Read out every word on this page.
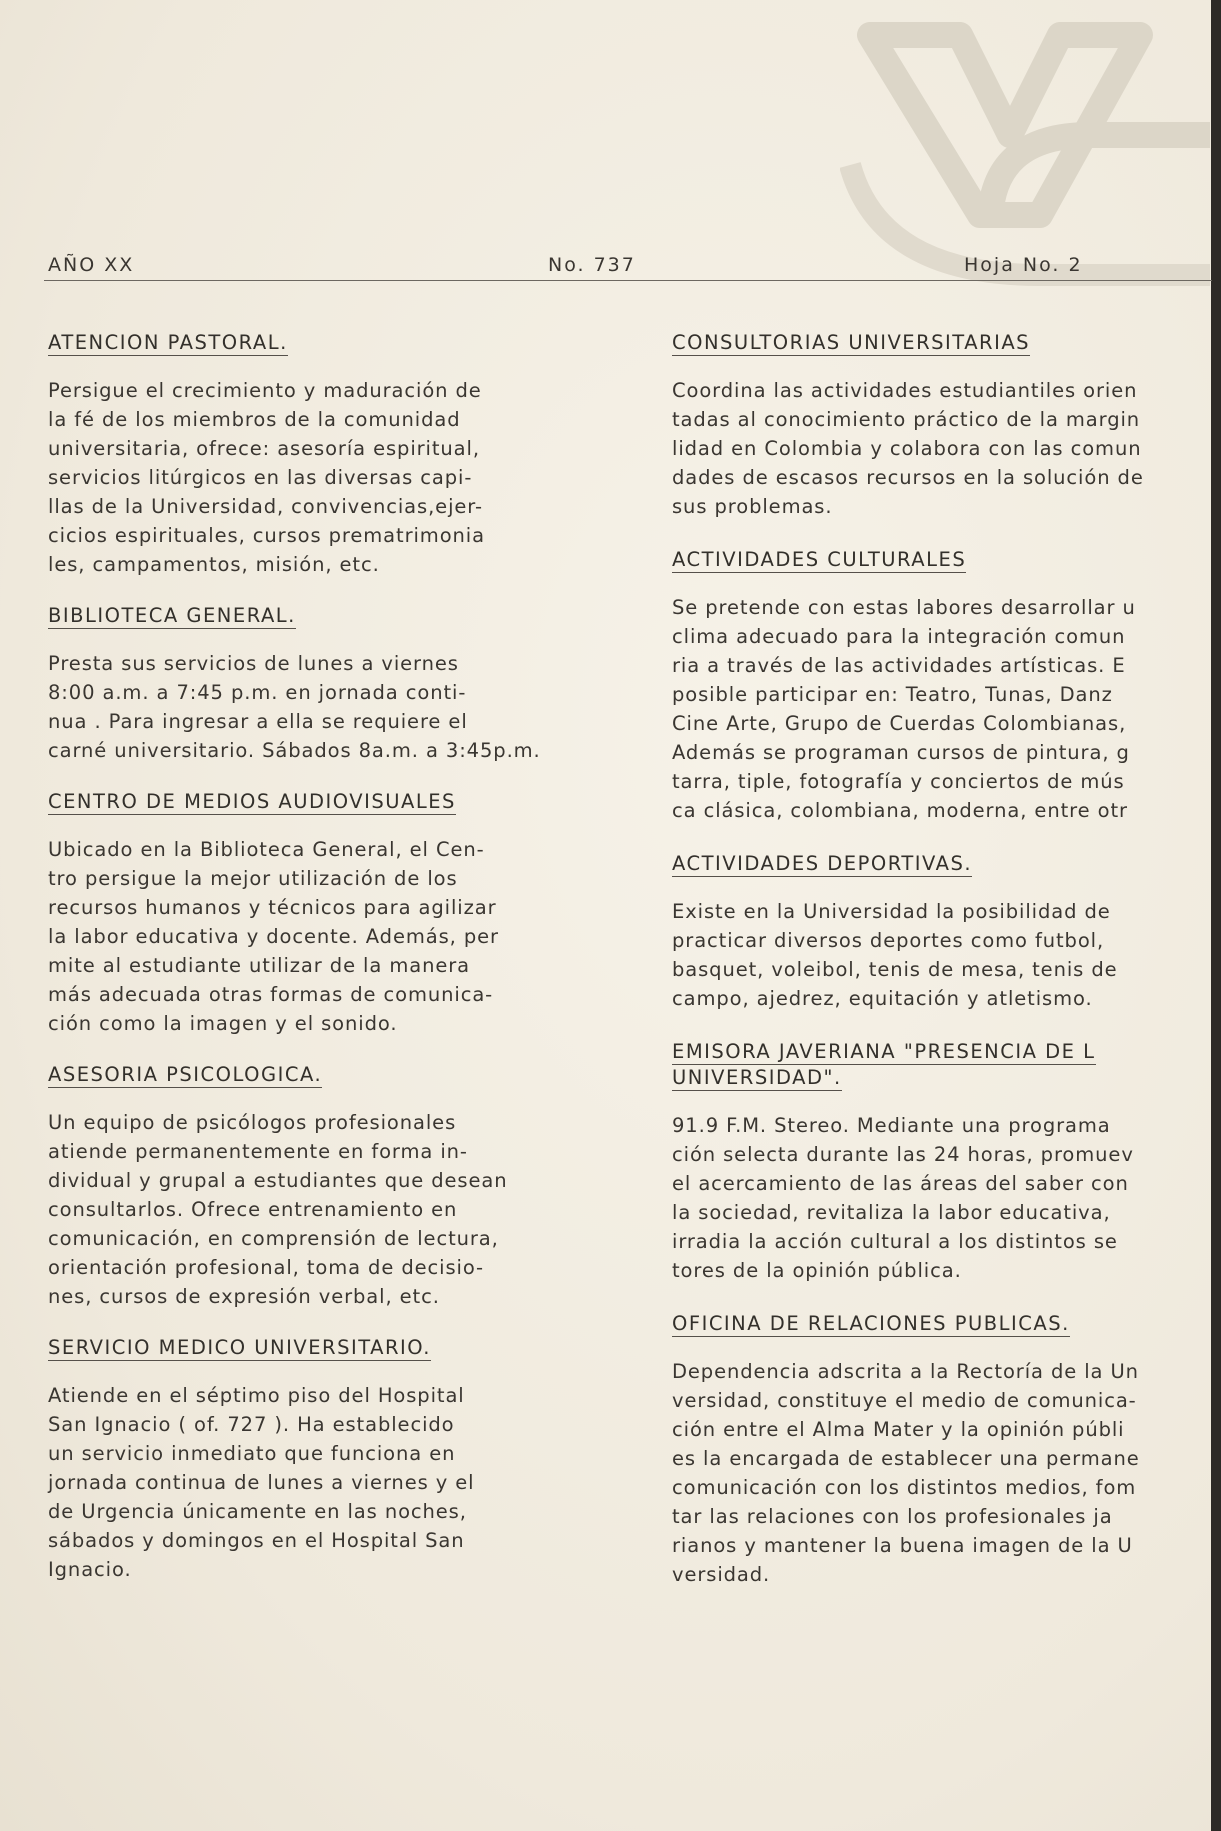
AÑO XX	No. 737	Hoja No. 2
ATENCION PASTORAL.

Persigue el crecimiento y maduración de
la fé de los miembros de la comunidad
universitaria, ofrece: asesoría espiritual,
servicios litúrgicos en las diversas capi-
llas de la Universidad, convivencias,ejer-
cicios espirituales, cursos prematrimonia
les, campamentos, misión, etc.

BIBLIOTECA GENERAL.

Presta sus servicios de lunes a viernes
8:00 a.m. a 7:45 p.m. en jornada conti-
nua . Para ingresar a ella se requiere el
carné universitario. Sábados 8a.m. a 3:45p.m.

CENTRO DE MEDIOS AUDIOVISUALES

Ubicado en la Biblioteca General, el Cen-
tro persigue la mejor utilización de los
recursos humanos y técnicos para agilizar
la labor educativa y docente. Además, per
mite al estudiante utilizar de la manera
más adecuada otras formas de comunica-
ción como la imagen y el sonido.

ASESORIA PSICOLOGICA.

Un equipo de psicólogos profesionales
atiende permanentemente en forma in-
dividual y grupal a estudiantes que desean
consultarlos. Ofrece entrenamiento en
comunicación, en comprensión de lectura,
orientación profesional, toma de decisio-
nes, cursos de expresión verbal, etc.

SERVICIO MEDICO UNIVERSITARIO.

Atiende en el séptimo piso del Hospital
San Ignacio ( of. 727 ). Ha establecido
un servicio inmediato que funciona en
jornada continua de lunes a viernes y el
de Urgencia únicamente en las noches,
sábados y domingos en el Hospital San
Ignacio.

CONSULTORIAS UNIVERSITARIAS

Coordina las actividades estudiantiles orien
tadas al conocimiento práctico de la margin
lidad en Colombia y colabora con las comun
dades de escasos recursos en la solución de
sus problemas.

ACTIVIDADES CULTURALES

Se pretende con estas labores desarrollar u
clima adecuado para la integración comun
ria a través de las actividades artísticas. E
posible participar en: Teatro, Tunas, Danz
Cine Arte, Grupo de Cuerdas Colombianas,
Además se programan cursos de pintura, g
tarra, tiple, fotografía y conciertos de mús
ca clásica, colombiana, moderna, entre otr

ACTIVIDADES DEPORTIVAS.

Existe en la Universidad la posibilidad de
practicar diversos deportes como futbol,
basquet, voleibol, tenis de mesa, tenis de
campo, ajedrez, equitación y atletismo.

EMISORA JAVERIANA "PRESENCIA DE L
UNIVERSIDAD".

91.9 F.M. Stereo. Mediante una programa
ción selecta durante las 24 horas, promuev
el acercamiento de las áreas del saber con
la sociedad, revitaliza la labor educativa,
irradia la acción cultural a los distintos se
tores de la opinión pública.

OFICINA DE RELACIONES PUBLICAS.

Dependencia adscrita a la Rectoría de la Un
versidad, constituye el medio de comunica-
ción entre el Alma Mater y la opinión públi
es la encargada de establecer una permane
comunicación con los distintos medios, fom
tar las relaciones con los profesionales ja
rianos y mantener la buena imagen de la U
versidad.
